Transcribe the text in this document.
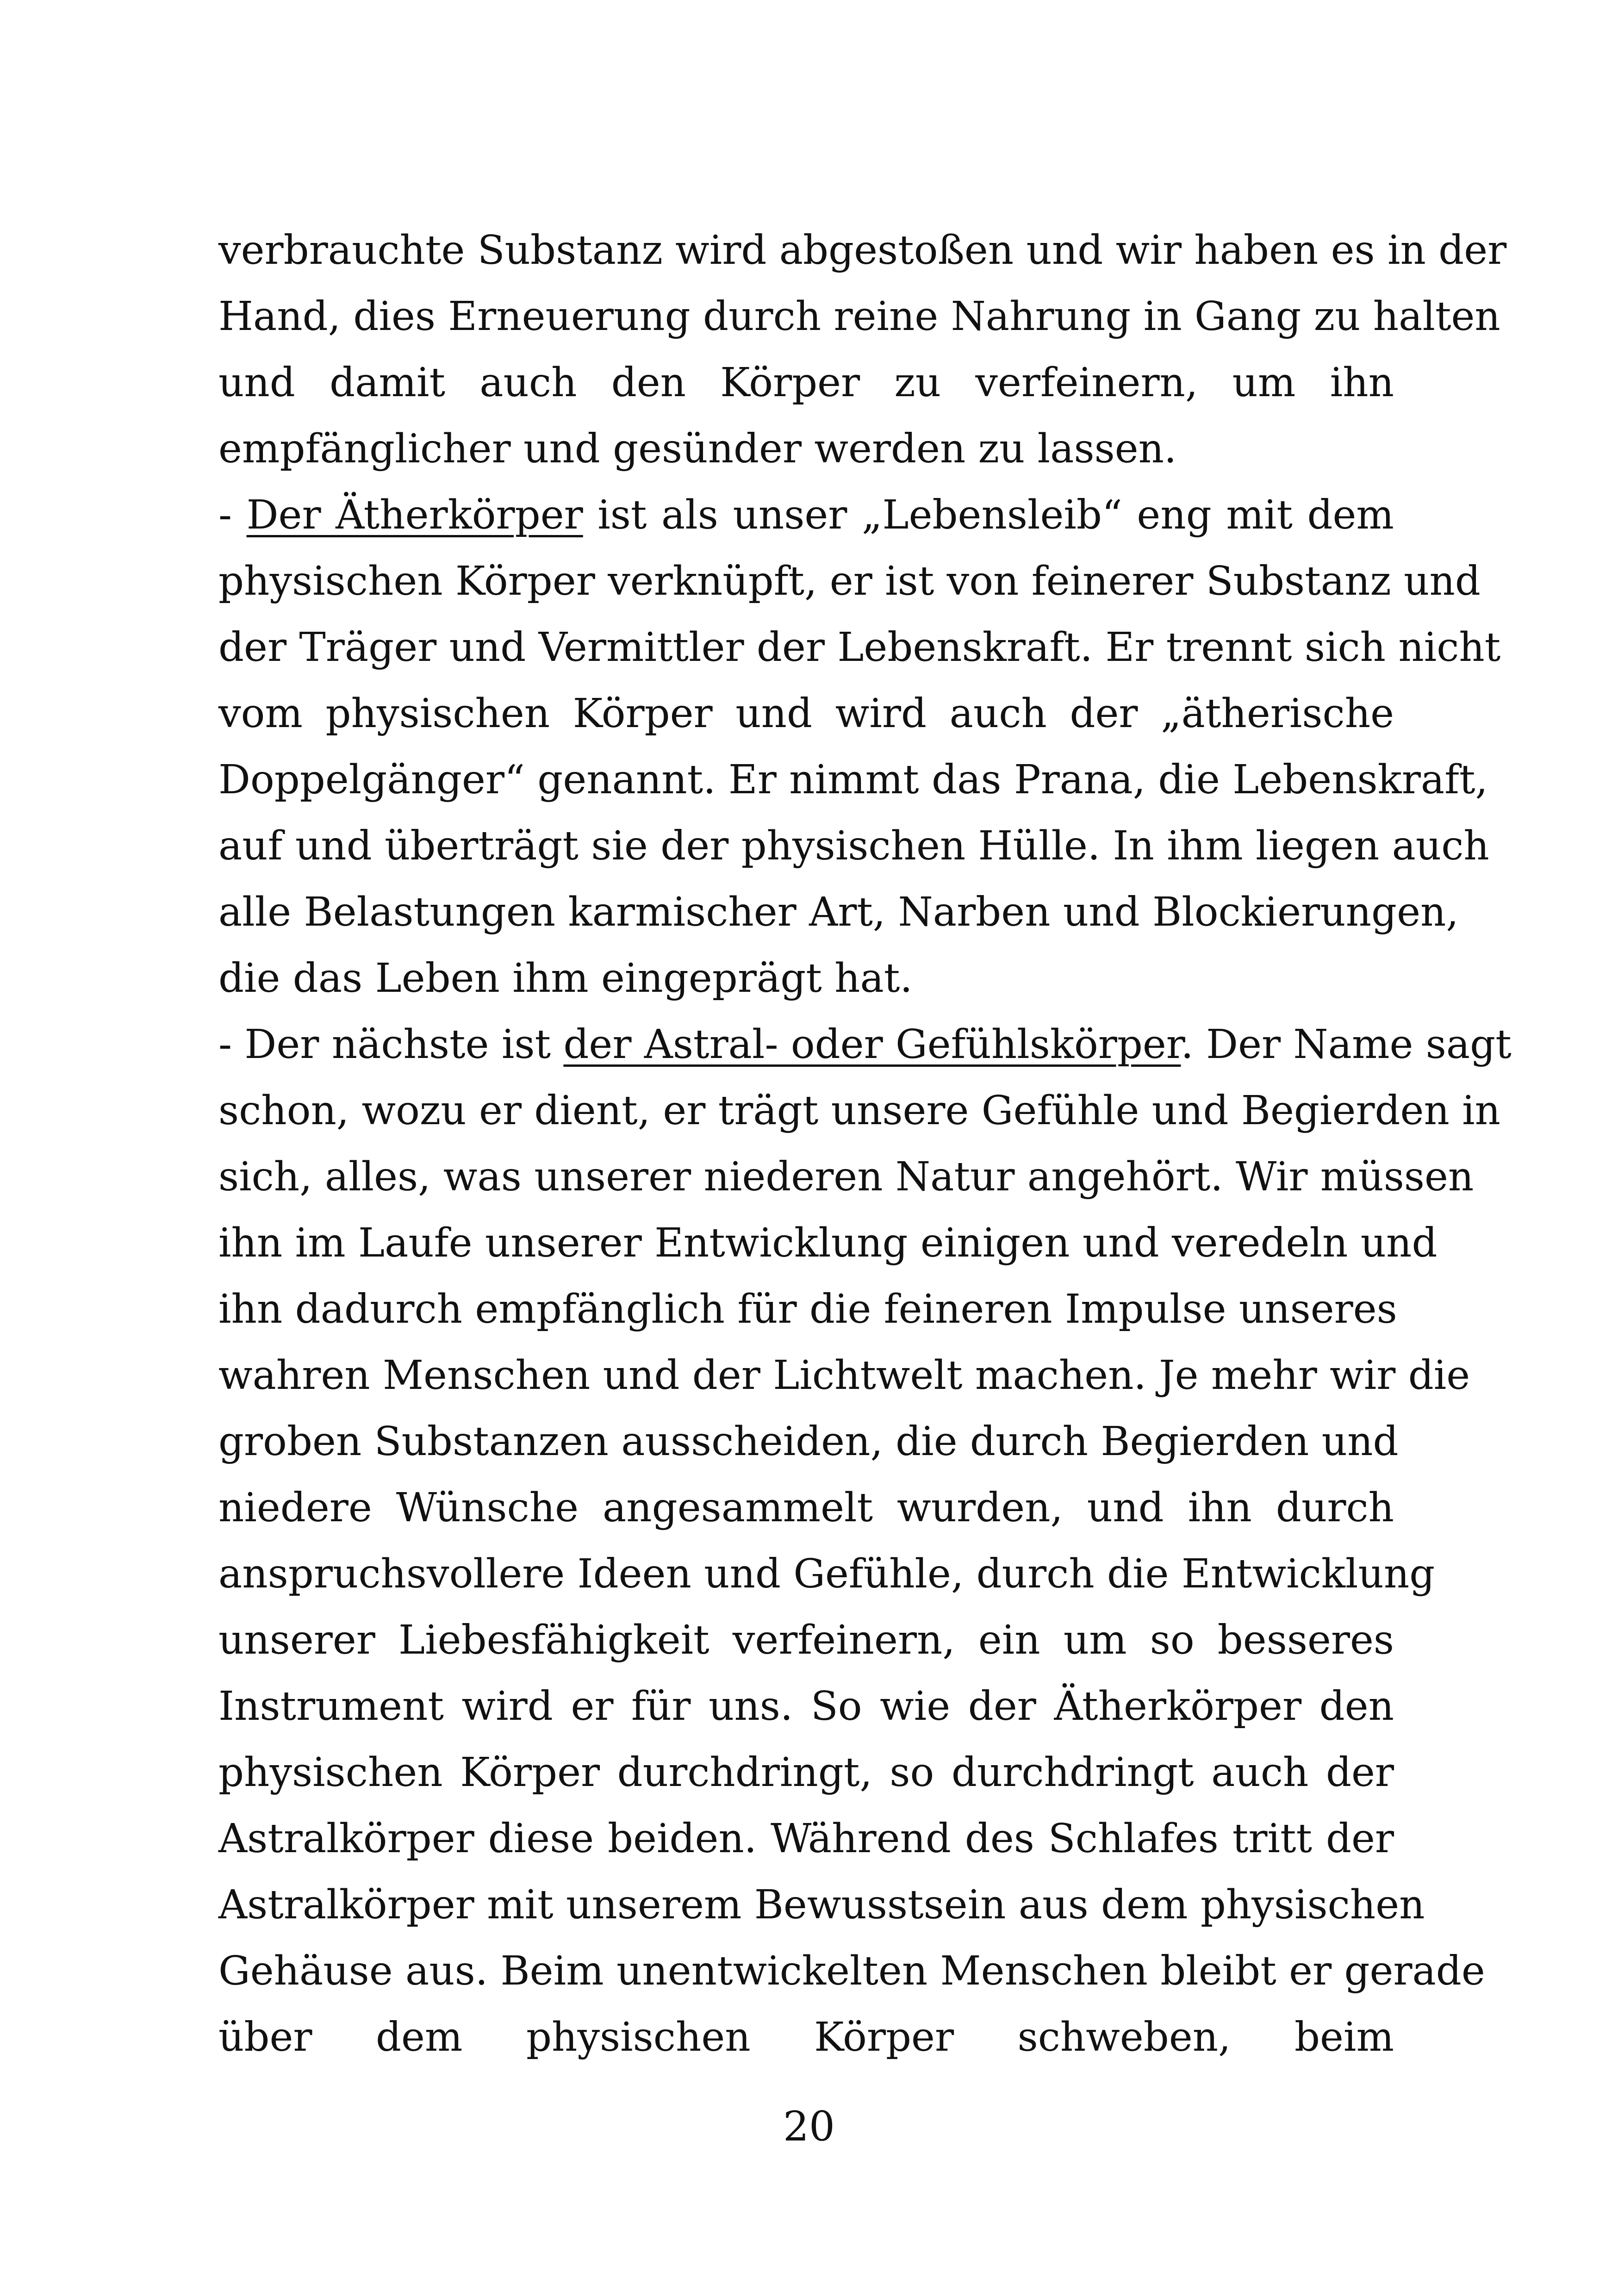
verbrauchte Substanz wird abgestoßen und wir haben es in der
Hand, dies Erneuerung durch reine Nahrung in Gang zu halten
und damit auch den Körper zu verfeinern, um ihn
empfänglicher und gesünder werden zu lassen.
- Der Ätherkörper ist als unser „Lebensleib“ eng mit dem
physischen Körper verknüpft, er ist von feinerer Substanz und
der Träger und Vermittler der Lebenskraft. Er trennt sich nicht
vom physischen Körper und wird auch der „ätherische
Doppelgänger“ genannt. Er nimmt das Prana, die Lebenskraft,
auf und überträgt sie der physischen Hülle. In ihm liegen auch
alle Belastungen karmischer Art, Narben und Blockierungen,
die das Leben ihm eingeprägt hat.
- Der nächste ist der Astral- oder Gefühlskörper. Der Name sagt
schon, wozu er dient, er trägt unsere Gefühle und Begierden in
sich, alles, was unserer niederen Natur angehört. Wir müssen
ihn im Laufe unserer Entwicklung einigen und veredeln und
ihn dadurch empfänglich für die feineren Impulse unseres
wahren Menschen und der Lichtwelt machen. Je mehr wir die
groben Substanzen ausscheiden, die durch Begierden und
niedere Wünsche angesammelt wurden, und ihn durch
anspruchsvollere Ideen und Gefühle, durch die Entwicklung
unserer Liebesfähigkeit verfeinern, ein um so besseres
Instrument wird er für uns. So wie der Ätherkörper den
physischen Körper durchdringt, so durchdringt auch der
Astralkörper diese beiden. Während des Schlafes tritt der
Astralkörper mit unserem Bewusstsein aus dem physischen
Gehäuse aus. Beim unentwickelten Menschen bleibt er gerade
über dem physischen Körper schweben, beim
20
